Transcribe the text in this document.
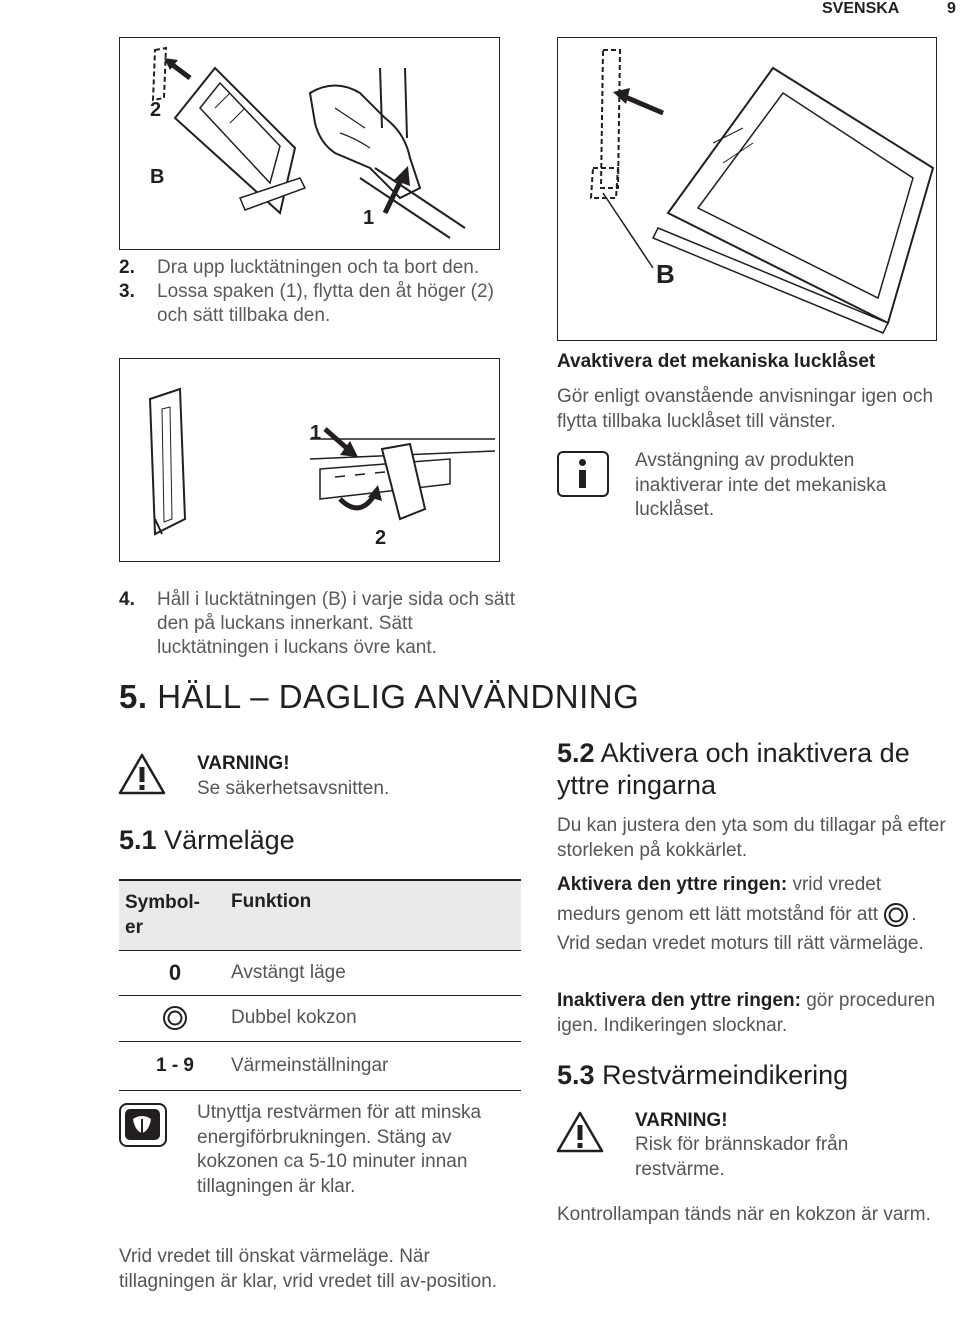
SVENSKA	9
B
2
1
B
2. Dra upp lucktätningen och ta bort den.
3. Lossa spaken (1), flytta den åt höger (2) och sätt tillbaka den.
1
2
Avaktivera det mekaniska lucklåset
Gör enligt ovanstående anvisningar igen och flytta tillbaka lucklåset till vänster.
Avstängning av produkten inaktiverar inte det mekaniska lucklåset.
4. Håll i lucktätningen (B) i varje sida och sätt den på luckans innerkant. Sätt lucktätningen i luckans övre kant.
5. HÄLL – DAGLIG ANVÄNDNING
VARNING!
Se säkerhetsavsnitten.
5.1 Värmeläge
Symbol-er	Funktion
0	Avstängt läge
	Dubbel kokzon
1 - 9	Värmeinställningar
Utnyttja restvärmen för att minska energiförbrukningen. Stäng av kokzonen ca 5-10 minuter innan tillagningen är klar.
Vrid vredet till önskat värmeläge. När tillagningen är klar, vrid vredet till av-position.
5.2 Aktivera och inaktivera de yttre ringarna
Du kan justera den yta som du tillagar på efter storleken på kokkärlet.
Aktivera den yttre ringen: vrid vredet medurs genom ett lätt motstånd för att . Vrid sedan vredet moturs till rätt värmeläge.
Inaktivera den yttre ringen: gör proceduren igen. Indikeringen slocknar.
5.3 Restvärmeindikering
VARNING!
Risk för brännskador från restvärme.
Kontrollampan tänds när en kokzon är varm.
